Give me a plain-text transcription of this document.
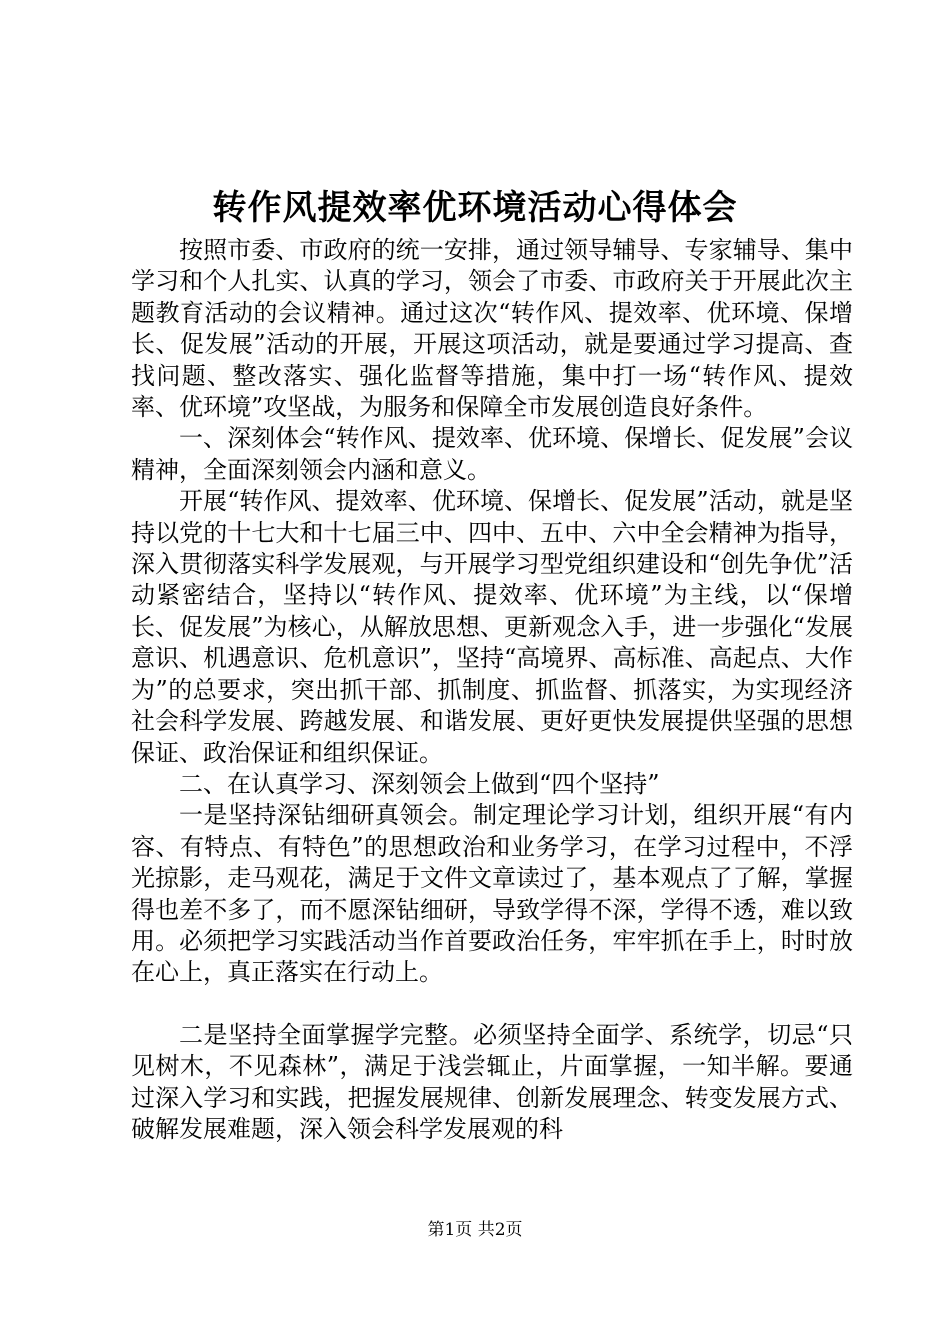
转作风提效率优环境活动心得体会

按照市委、市政府的统一安排，通过领导辅导、专家辅导、集中学习和个人扎实、认真的学习，领会了市委、市政府关于开展此次主题教育活动的会议精神。通过这次“转作风、提效率、优环境、保增长、促发展”活动的开展，开展这项活动，就是要通过学习提高、查找问题、整改落实、强化监督等措施，集中打一场“转作风、提效率、优环境”攻坚战，为服务和保障全市发展创造良好条件。

一、深刻体会“转作风、提效率、优环境、保增长、促发展”会议精神，全面深刻领会内涵和意义。

开展“转作风、提效率、优环境、保增长、促发展”活动，就是坚持以党的十七大和十七届三中、四中、五中、六中全会精神为指导，深入贯彻落实科学发展观，与开展学习型党组织建设和“创先争优”活动紧密结合，坚持以“转作风、提效率、优环境”为主线，以“保增长、促发展”为核心，从解放思想、更新观念入手，进一步强化“发展意识、机遇意识、危机意识”，坚持“高境界、高标准、高起点、大作为”的总要求，突出抓干部、抓制度、抓监督、抓落实，为实现经济社会科学发展、跨越发展、和谐发展、更好更快发展提供坚强的思想保证、政治保证和组织保证。

二、在认真学习、深刻领会上做到“四个坚持”

一是坚持深钻细研真领会。制定理论学习计划，组织开展“有内容、有特点、有特色”的思想政治和业务学习，在学习过程中，不浮光掠影，走马观花，满足于文件文章读过了，基本观点了了解，掌握得也差不多了，而不愿深钻细研，导致学得不深，学得不透，难以致用。必须把学习实践活动当作首要政治任务，牢牢抓在手上，时时放在心上，真正落实在行动上。

二是坚持全面掌握学完整。必须坚持全面学、系统学，切忌“只见树木，不见森林”，满足于浅尝辄止，片面掌握，一知半解。要通过深入学习和实践，把握发展规律、创新发展理念、转变发展方式、破解发展难题，深入领会科学发展观的科

第1页 共2页
